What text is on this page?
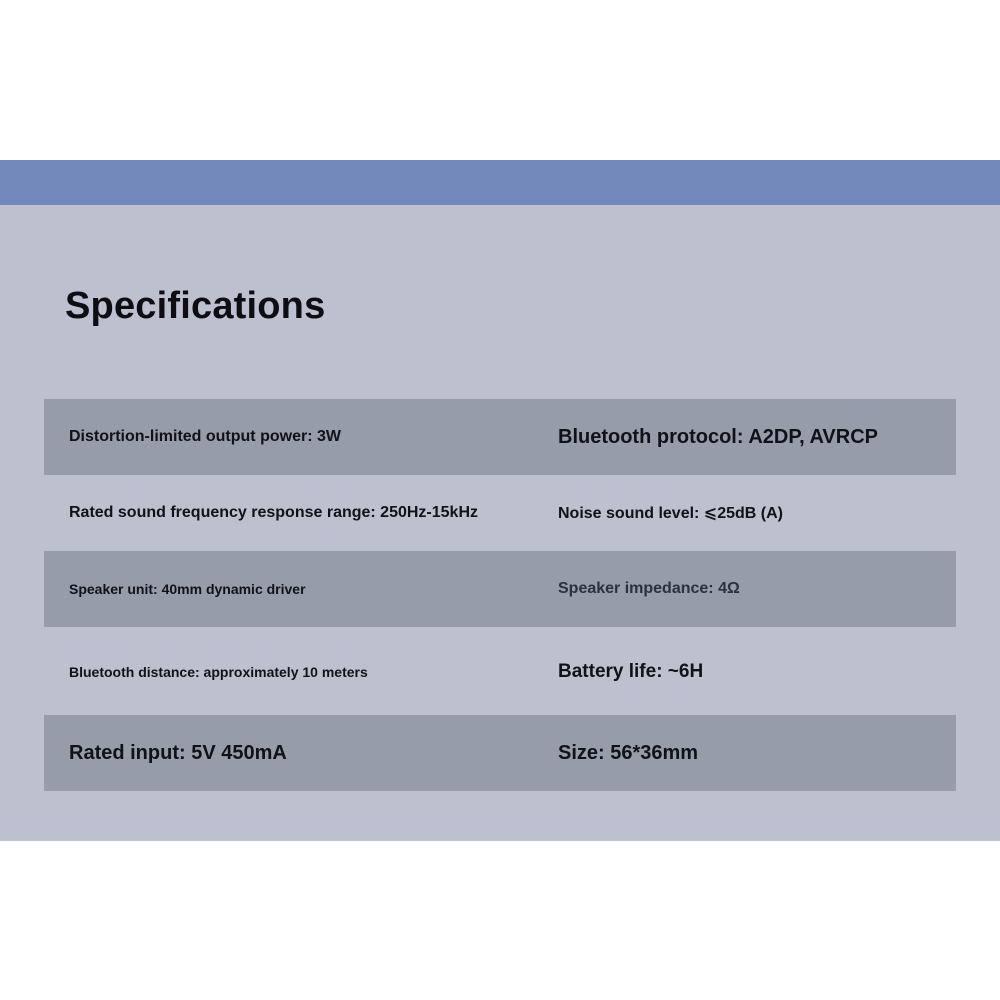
Specifications
Distortion-limited output power: 3W	Bluetooth protocol: A2DP, AVRCP
Rated sound frequency response range: 250Hz-15kHz	Noise sound level: ⩽25dB (A)
Speaker unit: 40mm dynamic driver	Speaker impedance: 4Ω
Bluetooth distance: approximately 10 meters	Battery life: ~6H
Rated input: 5V 450mA	Size: 56*36mm
